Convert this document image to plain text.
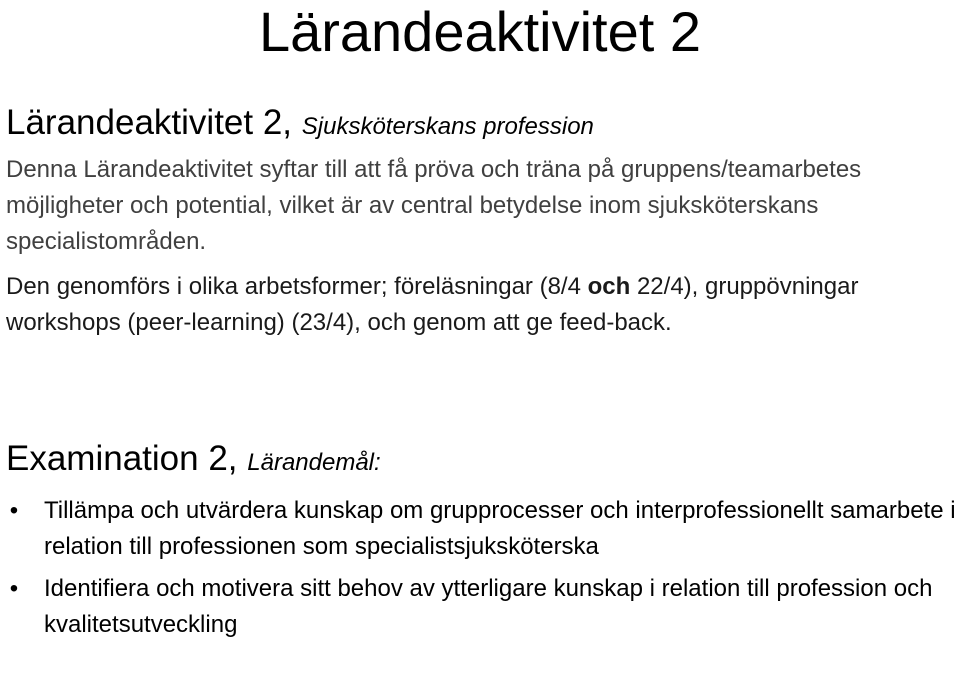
Lärandeaktivitet 2
Lärandeaktivitet 2, Sjuksköterskans profession

Denna Lärandeaktivitet syftar till att få pröva och träna på gruppens/teamarbetes möjligheter och potential, vilket är av central betydelse inom sjuksköterskans specialistområden.

Den genomförs i olika arbetsformer; föreläsningar (8/4 och 22/4), gruppövningar workshops (peer-learning) (23/4), och genom att ge feed-back.

Examination 2, Lärandemål:
• Tillämpa och utvärdera kunskap om grupprocesser och interprofessionellt samarbete i relation till professionen som specialistsjuksköterska
• Identifiera och motivera sitt behov av ytterligare kunskap i relation till profession och kvalitetsutveckling
